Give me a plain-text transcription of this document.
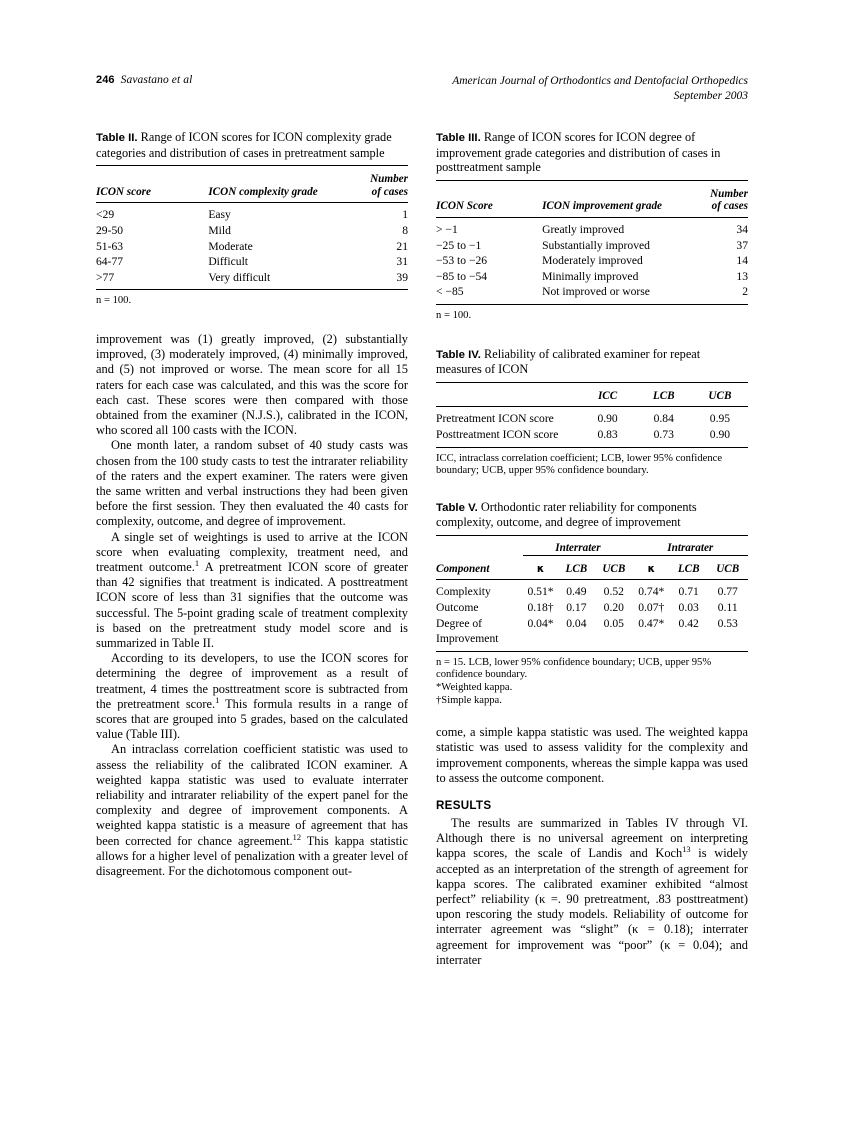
246 Savastano et al	American Journal of Orthodontics and Dentofacial Orthopedics
September 2003
Table II. Range of ICON scores for ICON complexity grade categories and distribution of cases in pretreatment sample
ICON score	ICON complexity grade	Number
of cases
<29	Easy	1
29-50	Mild	8
51-63	Moderate	21
64-77	Difficult	31
>77	Very difficult	39
n = 100.

improvement was (1) greatly improved, (2) substantially improved, (3) moderately improved, (4) minimally improved, and (5) not improved or worse. The mean score for all 15 raters for each case was calculated, and this was the score for each cast. These scores were then compared with those obtained from the examiner (N.J.S.), calibrated in the ICON, who scored all 100 casts with the ICON.

One month later, a random subset of 40 study casts was chosen from the 100 study casts to test the intrarater reliability of the raters and the expert examiner. The raters were given the same written and verbal instructions they had been given before the first session. They then evaluated the 40 casts for complexity, outcome, and degree of improvement.

A single set of weightings is used to arrive at the ICON score when evaluating complexity, treatment need, and treatment outcome.$^1$ A pretreatment ICON score of greater than 42 signifies that treatment is indicated. A posttreatment ICON score of less than 31 signifies that the outcome was successful. The 5-point grading scale of treatment complexity is based on the pretreatment study model score and is summarized in Table II.

According to its developers, to use the ICON scores for determining the degree of improvement as a result of treatment, 4 times the posttreatment score is subtracted from the pretreatment score.$^1$ This formula results in a range of scores that are grouped into 5 grades, based on the calculated value (Table III).

An intraclass correlation coefficient statistic was used to assess the reliability of the calibrated ICON examiner. A weighted kappa statistic was used to evaluate interrater reliability and intrarater reliability of the expert panel for the complexity and degree of improvement components. A weighted kappa statistic is a measure of agreement that has been corrected for chance agreement.$^{12}$ This kappa statistic allows for a higher level of penalization with a greater level of disagreement. For the dichotomous component out-

Table III. Range of ICON scores for ICON degree of improvement grade categories and distribution of cases in posttreatment sample
ICON Score	ICON improvement grade	Number
of cases
> −1	Greatly improved	34
−25 to −1	Substantially improved	37
−53 to −26	Moderately improved	14
−85 to −54	Minimally improved	13
< −85	Not improved or worse	2
n = 100.
Table IV. Reliability of calibrated examiner for repeat measures of ICON
	ICC	LCB	UCB
Pretreatment ICON score	0.90	0.84	0.95
Posttreatment ICON score	0.83	0.73	0.90
ICC, intraclass correlation coefficient; LCB, lower 95% confidence boundary; UCB, upper 95% confidence boundary.
Table V. Orthodontic rater reliability for components complexity, outcome, and degree of improvement
	Interrater			Intrarater		
Component	κ	LCB	UCB	κ	LCB	UCB
Complexity	0.51*	0.49	0.52	0.74*	0.71	0.77
Outcome	0.18†	0.17	0.20	0.07†	0.03	0.11
Degree of	0.04*	0.04	0.05	0.47*	0.42	0.53
Improvement						
n = 15. LCB, lower 95% confidence boundary; UCB, upper 95% confidence boundary.
*Weighted kappa.
†Simple kappa.

come, a simple kappa statistic was used. The weighted kappa statistic was used to assess validity for the complexity and improvement components, whereas the simple kappa was used to assess the outcome component.

RESULTS

The results are summarized in Tables IV through VI. Although there is no universal agreement on interpreting kappa scores, the scale of Landis and Koch$^{13}$ is widely accepted as an interpretation of the strength of agreement for kappa scores. The calibrated examiner exhibited “almost perfect” reliability (κ =. 90 pretreatment, .83 posttreatment) upon rescoring the study models. Reliability of outcome for interrater agreement was “slight” (κ = 0.18); interrater agreement for improvement was “poor” (κ = 0.04); and interrater
